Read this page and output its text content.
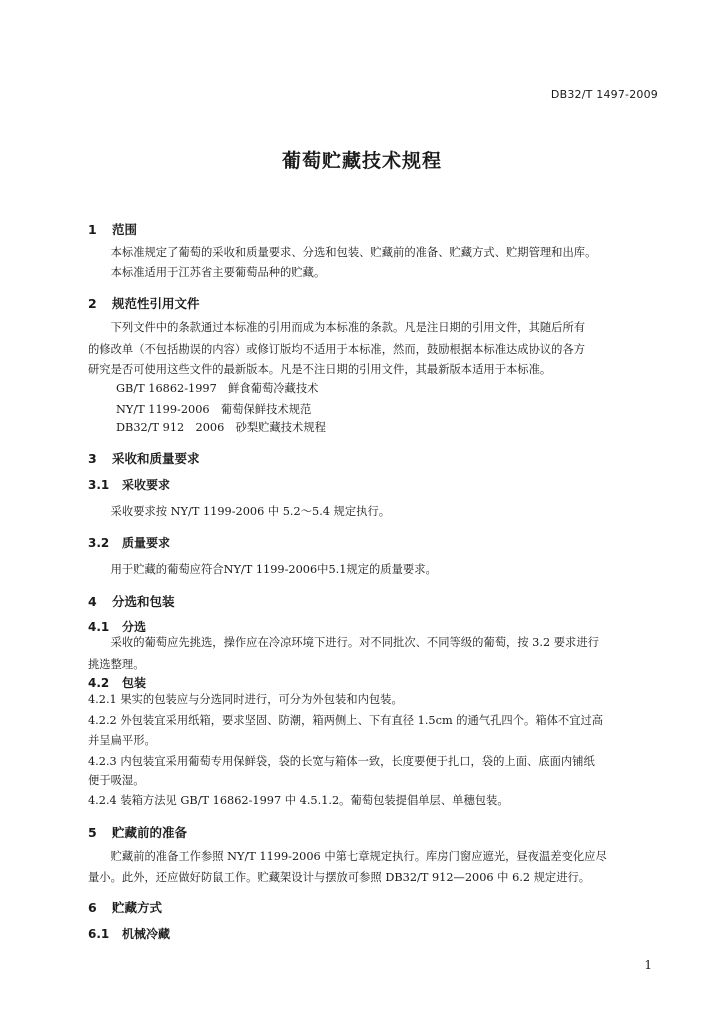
DB32/T 1497-2009
葡萄贮藏技术规程
1 范围
　　本标准规定了葡萄的采收和质量要求、分选和包装、贮藏前的准备、贮藏方式、贮期管理和出库。
　　本标准适用于江苏省主要葡萄品种的贮藏。
2 规范性引用文件
　　下列文件中的条款通过本标准的引用而成为本标准的条款。凡是注日期的引用文件，其随后所有
的修改单（不包括勘误的内容）或修订版均不适用于本标准，然而，鼓励根据本标准达成协议的各方
研究是否可使用这些文件的最新版本。凡是不注日期的引用文件，其最新版本适用于本标准。
GB/T 16862-1997　鲜食葡萄冷藏技术
NY/T 1199-2006　葡萄保鲜技术规范
DB32/T 912　2006　砂梨贮藏技术规程
3 采收和质量要求
3.1 采收要求
　　采收要求按 NY/T 1199-2006 中 5.2～5.4 规定执行。
3.2 质量要求
　　用于贮藏的葡萄应符合NY/T 1199-2006中5.1规定的质量要求。
4 分选和包装
4.1 分选
　　采收的葡萄应先挑选，操作应在冷凉环境下进行。对不同批次、不同等级的葡萄，按 3.2 要求进行
挑选整理。
4.2 包装
4.2.1 果实的包装应与分选同时进行，可分为外包装和内包装。
4.2.2 外包装宜采用纸箱，要求坚固、防潮，箱两侧上、下有直径 1.5cm 的通气孔四个。箱体不宜过高
并呈扁平形。
4.2.3 内包装宜采用葡萄专用保鲜袋，袋的长宽与箱体一致，长度要便于扎口，袋的上面、底面内铺纸
便于吸湿。
4.2.4 装箱方法见 GB/T 16862-1997 中 4.5.1.2。葡萄包装提倡单层、单穗包装。
5 贮藏前的准备
　　贮藏前的准备工作参照 NY/T 1199-2006 中第七章规定执行。库房门窗应遮光，昼夜温差变化应尽
量小。此外，还应做好防鼠工作。贮藏架设计与摆放可参照 DB32/T 912—2006 中 6.2 规定进行。
6 贮藏方式
6.1 机械冷藏
1
